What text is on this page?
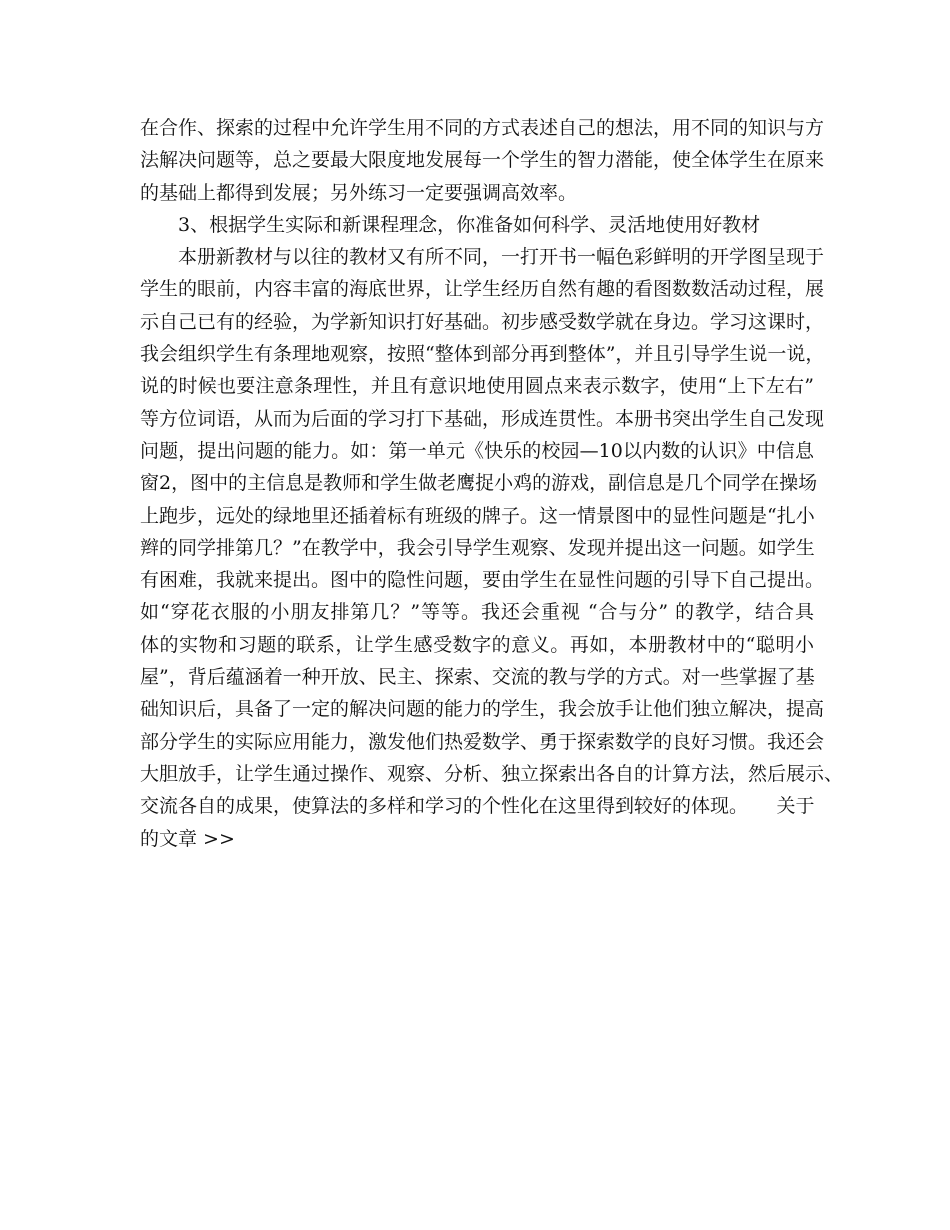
在合作、探索的过程中允许学生用不同的方式表述自己的想法，用不同的知识与方
法解决问题等，总之要最大限度地发展每一个学生的智力潜能，使全体学生在原来
的基础上都得到发展；另外练习一定要强调高效率。
3、根据学生实际和新课程理念，你准备如何科学、灵活地使用好教材
本册新教材与以往的教材又有所不同，一打开书一幅色彩鲜明的开学图呈现于
学生的眼前，内容丰富的海底世界，让学生经历自然有趣的看图数数活动过程，展
示自己已有的经验，为学新知识打好基础。初步感受数学就在身边。学习这课时，
我会组织学生有条理地观察，按照“整体到部分再到整体”，并且引导学生说一说，
说的时候也要注意条理性，并且有意识地使用圆点来表示数字，使用“上下左右”
等方位词语，从而为后面的学习打下基础，形成连贯性。本册书突出学生自己发现
问题，提出问题的能力。如：第一单元《快乐的校园—10以内数的认识》中信息
窗2，图中的主信息是教师和学生做老鹰捉小鸡的游戏，副信息是几个同学在操场
上跑步，远处的绿地里还插着标有班级的牌子。这一情景图中的显性问题是“扎小
辫的同学排第几？”在教学中，我会引导学生观察、发现并提出这一问题。如学生
有困难，我就来提出。图中的隐性问题，要由学生在显性问题的引导下自己提出。
如“穿花衣服的小朋友排第几？”等等。我还会重视 “合与分” 的教学，结合具
体的实物和习题的联系，让学生感受数字的意义。再如，本册教材中的“聪明小
屋”，背后蕴涵着一种开放、民主、探索、交流的教与学的方式。对一些掌握了基
础知识后，具备了一定的解决问题的能力的学生，我会放手让他们独立解决，提高
部分学生的实际应用能力，激发他们热爱数学、勇于探索数学的良好习惯。我还会
大胆放手，让学生通过操作、观察、分析、独立探索出各自的计算方法，然后展示、
交流各自的成果，使算法的多样和学习的个性化在这里得到较好的体现。　　关于
的文章 >>
